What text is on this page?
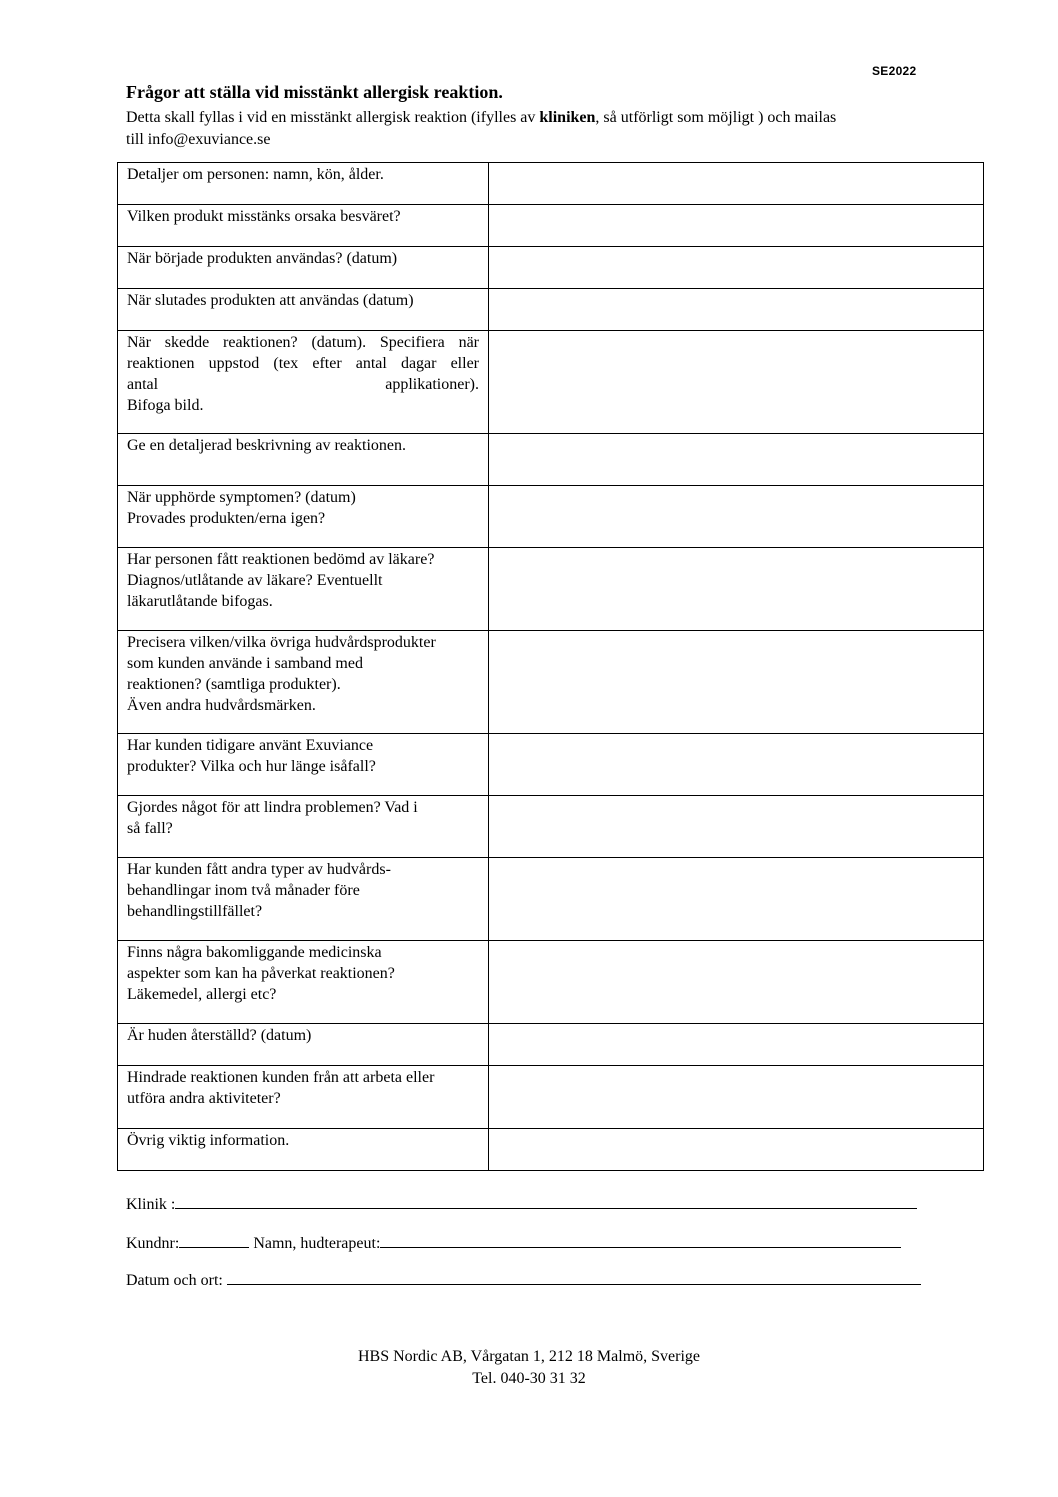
SE2022
Frågor att ställa vid misstänkt allergisk reaktion.
Detta skall fyllas i vid en misstänkt allergisk reaktion (ifylles av kliniken, så utförligt som möjligt ) och mailas
till info@exuviance.se
Detaljer om personen: namn, kön, ålder.	

Vilken produkt misstänks orsaka besväret?	

När började produkten användas? (datum)	

När slutades produkten att användas (datum)	

När skedde reaktionen? (datum). Specifiera när
reaktionen uppstod (tex efter antal dagar eller
antal applikationer).
Bifoga bild.	

Ge en detaljerad beskrivning av reaktionen.	

När upphörde symptomen? (datum)
Provades produkten/erna igen?	

Har personen fått reaktionen bedömd av läkare?
Diagnos/utlåtande av läkare? Eventuellt
läkarutlåtande bifogas.	

Precisera vilken/vilka övriga hudvårdsprodukter
som kunden använde i samband med
reaktionen? (samtliga produkter).
Även andra hudvårdsmärken.	

Har kunden tidigare använt Exuviance
produkter? Vilka och hur länge isåfall?	

Gjordes något för att lindra problemen? Vad i
så fall?	

Har kunden fått andra typer av hudvårds-
behandlingar inom två månader före
behandlingstillfället?	

Finns några bakomliggande medicinska
aspekter som kan ha påverkat reaktionen?
Läkemedel, allergi etc?	

Är huden återställd? (datum)	

Hindrade reaktionen kunden från att arbeta eller
utföra andra aktiviteter?	

Övrig viktig information.	

Klinik :
Kundnr:	Namn, hudterapeut:
Datum och ort:
HBS Nordic AB, Vårgatan 1, 212 18 Malmö, Sverige
Tel. 040-30 31 32
